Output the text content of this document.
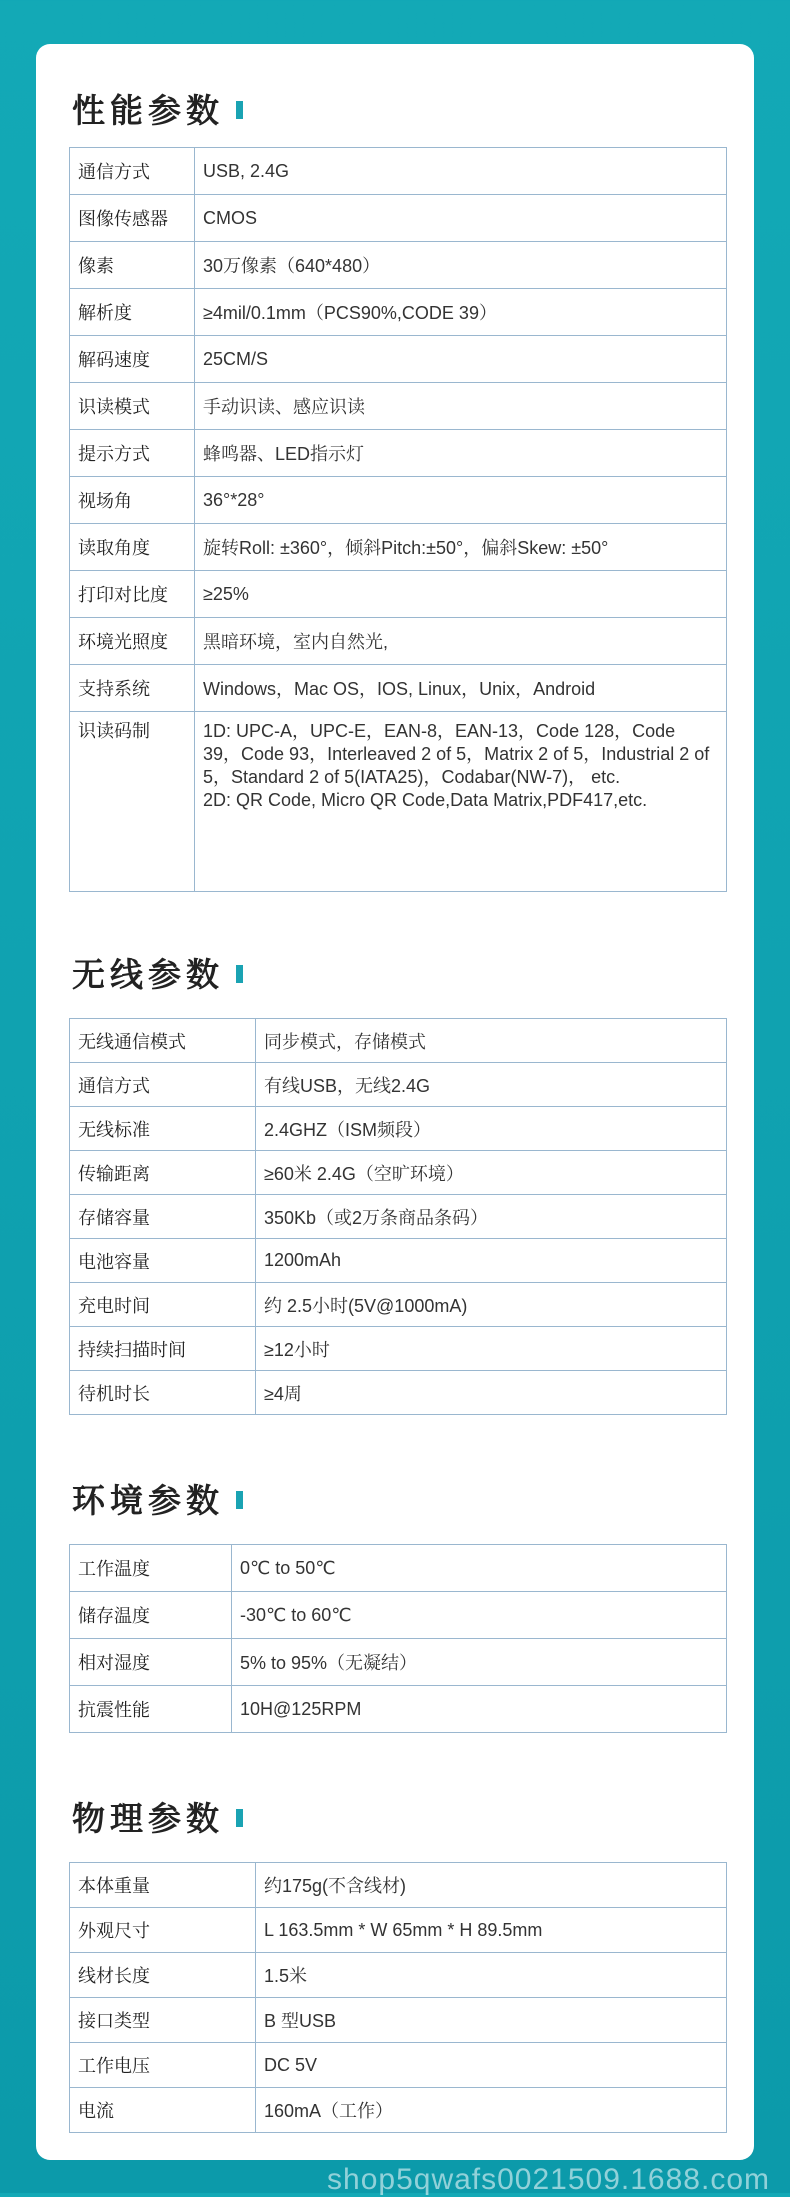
性能参数
通信方式	USB, 2.4G
图像传感器	CMOS
像素	30万像素（640*480）
解析度	≥4mil/0.1mm（PCS90%,CODE 39）
解码速度	25CM/S
识读模式	手动识读、感应识读
提示方式	蜂鸣器、LED指示灯
视场角	36°*28°
读取角度	旋转Roll: ±360°，倾斜Pitch:±50°，偏斜Skew: ±50°
打印对比度	≥25%
环境光照度	黑暗环境，室内自然光,
支持系统	Windows，Mac OS，IOS, Linux，Unix，Android
识读码制	1D: UPC-A，UPC-E，EAN-8，EAN-13，Code 128，Code 39，Code 93，Interleaved 2 of 5，Matrix 2 of 5，Industrial 2 of 5，Standard 2 of 5(IATA25)，Codabar(NW-7)， etc.
2D: QR Code, Micro QR Code,Data Matrix,PDF417,etc.
无线参数
无线通信模式	同步模式，存储模式
通信方式	有线USB，无线2.4G
无线标准	2.4GHZ（ISM频段）
传输距离	≥60米 2.4G（空旷环境）
存储容量	350Kb（或2万条商品条码）
电池容量	1200mAh
充电时间	约 2.5小时(5V@1000mA)
持续扫描时间	≥12小时
待机时长	≥4周
环境参数
工作温度	0℃ to 50℃
储存温度	-30℃ to 60℃
相对湿度	5% to 95%（无凝结）
抗震性能	10H@125RPM
物理参数
本体重量	约175g(不含线材)
外观尺寸	L 163.5mm * W 65mm * H 89.5mm
线材长度	1.5米
接口类型	B 型USB
工作电压	DC 5V
电流	160mA（工作）
shop5qwafs0021509.1688.com
